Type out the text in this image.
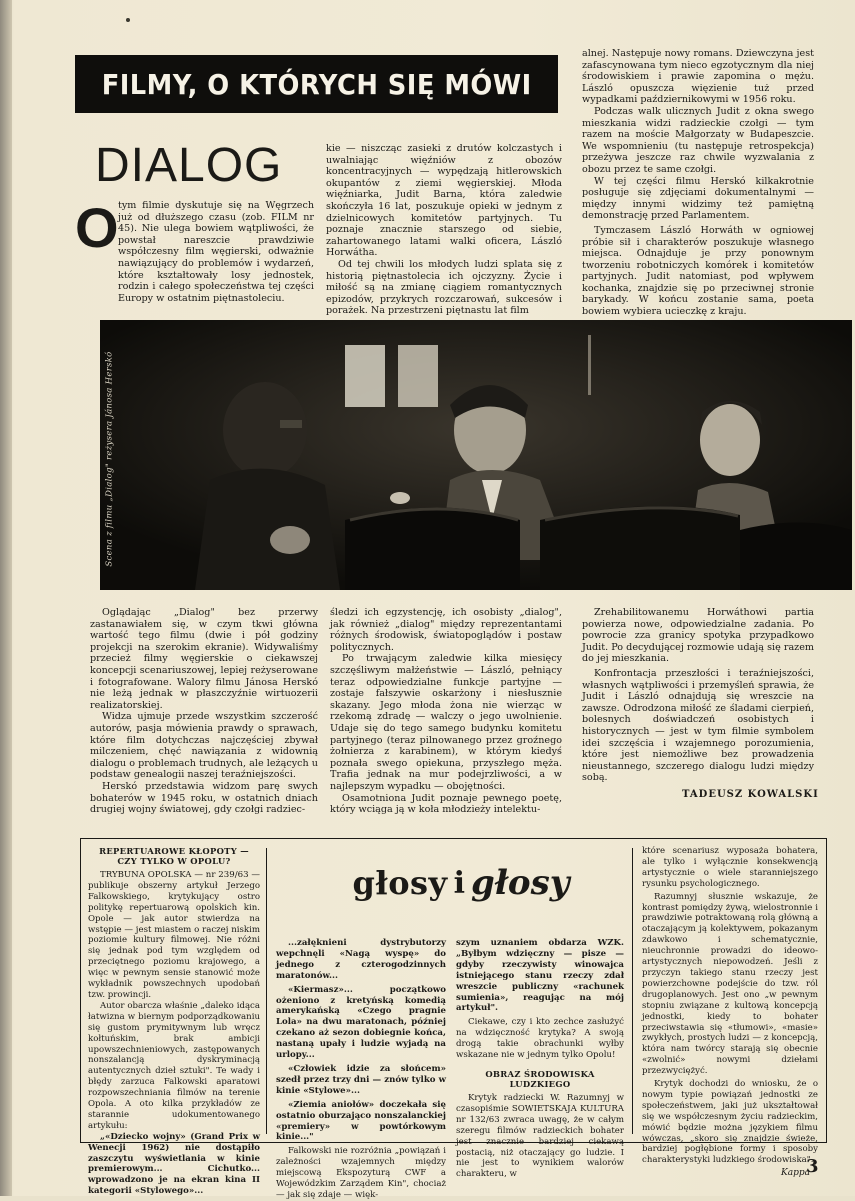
FILMY, O KTÓRYCH SIĘ MÓWI
DIALOG
O tym filmie dyskutuje się na Węgrzech już od dłuższego czasu (zob. FILM nr 45). Nie ulega bowiem wątpliwości, że powstał nareszcie prawdziwie współczesny film węgierski, odważnie nawiązujący do problemów i wydarzeń, które kształtowały losy jednostek, rodzin i całego społeczeństwa tej części Europy w ostatnim piętnastoleciu.

kie — niszcząc zasieki z drutów kolczastych i uwalniając więźniów z obozów koncentracyjnych — wypędzają hitlerowskich okupantów z ziemi węgierskiej. Młoda więźniarka, Judit Barna, która zaledwie skończyła 16 lat, poszukuje opieki w jednym z dzielnicowych komitetów partyjnych. Tu poznaje znacznie starszego od siebie, zahartowanego latami walki oficera, László Horwátha.

Od tej chwili los młodych ludzi splata się z historią piętnastolecia ich ojczyzny. Życie i miłość są na zmianę ciągiem romantycznych epizodów, przykrych rozczarowań, sukcesów i porażek. Na przestrzeni piętnastu lat film

alnej. Następuje nowy romans. Dziewczyna jest zafascynowana tym nieco egzotycznym dla niej środowiskiem i prawie zapomina o mężu. László opuszcza więzienie tuż przed wypadkami październikowymi w 1956 roku.

Podczas walk ulicznych Judit z okna swego mieszkania widzi radzieckie czołgi — tym razem na moście Małgorzaty w Budapeszcie. We wspomnieniu (tu następuje retrospekcja) przeżywa jeszcze raz chwile wyzwalania z obozu przez te same czołgi.

W tej części filmu Herskó kilkakrotnie posługuje się zdjęciami dokumentalnymi — między innymi widzimy też pamiętną demonstrację przed Parlamentem.

Tymczasem László Horwáth w ogniowej próbie sił i charakterów poszukuje własnego miejsca. Odnajduje je przy ponownym tworzeniu robotniczych komórek i komitetów partyjnych. Judit natomiast, pod wpływem kochanka, znajdzie się po przeciwnej stronie barykady. W końcu zostanie sama, poeta bowiem wybiera ucieczkę z kraju.

Scena z filmu „Dialog" reżysera Jánosa Herskó

Oglądając „Dialog" bez przerwy zastanawiałem się, w czym tkwi główna wartość tego filmu (dwie i pół godziny projekcji na szerokim ekranie). Widywaliśmy przecież filmy węgierskie o ciekawszej koncepcji scenariuszowej, lepiej reżyserowane i fotografowane. Walory filmu Jánosa Herskó nie leżą jednak w płaszczyźnie wirtuozerii realizatorskiej.

Widza ujmuje przede wszystkim szczerość autorów, pasja mówienia prawdy o sprawach, które film dotychczas najczęściej zbywał milczeniem, chęć nawiązania z widownią dialogu o problemach trudnych, ale leżących u podstaw genealogii naszej teraźniejszości.

Herskó przedstawia widzom parę swych bohaterów w 1945 roku, w ostatnich dniach drugiej wojny światowej, gdy czołgi radziec-

śledzi ich egzystencję, ich osobisty „dialog", jak również „dialog" między reprezentantami różnych środowisk, światopoglądów i postaw politycznych.

Po trwającym zaledwie kilka miesięcy szczęśliwym małżeństwie — László, pełniący teraz odpowiedzialne funkcje partyjne — zostaje fałszywie oskarżony i niesłusznie skazany. Jego młoda żona nie wierząc w rzekomą zdradę — walczy o jego uwolnienie. Udaje się do tego samego budynku komitetu partyjnego (teraz pilnowanego przez groźnego żołnierza z karabinem), w którym kiedyś poznała swego opiekuna, przyszłego męża. Trafia jednak na mur podejrzliwości, a w najlepszym wypadku — obojętności.

Osamotniona Judit poznaje pewnego poetę, który wciąga ją w koła młodzieży intelektu-

Zrehabilitowanemu Horwáthowi partia powierza nowe, odpowiedzialne zadania. Po powrocie zza granicy spotyka przypadkowo Judit. Po decydującej rozmowie udają się razem do jej mieszkania.

Konfrontacja przeszłości i teraźniejszości, własnych wątpliwości i przemyśleń sprawia, że Judit i László odnajdują się wreszcie na zawsze. Odrodzona miłość ze śladami cierpień, bolesnych doświadczeń osobistych i historycznych — jest w tym filmie symbolem idei szczęścia i wzajemnego porozumienia, które jest niemożliwe bez prowadzenia nieustannego, szczerego dialogu ludzi między sobą.

TADEUSZ KOWALSKI
głosy i głosy
REPERTUAROWE KŁOPOTY — CZY TYLKO W OPOLU?

TRYBUNA OPOLSKA — nr 239/63 — publikuje obszerny artykuł Jerzego Falkowskiego, krytykujący ostro politykę repertuarową opolskich kin. Opole — jak autor stwierdza na wstępie — jest miastem o raczej niskim poziomie kultury filmowej. Nie różni się jednak pod tym względem od przeciętnego poziomu krajowego, a więc w pewnym sensie stanowić może wykładnik powszechnych upodobań tzw. prowincji.

Autor obarcza właśnie „daleko idąca łatwizna w biernym podporządkowaniu się gustom prymitywnym lub wręcz kołtuńskim, brak ambicji upowszechnieniowych, zastępowanych nonszalancją dyskryminacją autentycznych dzieł sztuki". Te wady i błędy zarzuca Falkowski aparatowi rozpowszechniania filmów na terenie Opola. A oto kilka przykładów ze starannie udokumentowanego artykułu:

„«Dziecko wojny» (Grand Prix w Wenecji 1962) nie dostąpiło zaszczytu wyświetlania w kinie premierowym... Cichutko... wprowadzono je na ekran kina II kategorii «Stylowego»...

...załęknieni dystrybutorzy wepchnęli «Nagą wyspę» do jednego z czterogodzinnych maratonów...

«Kiermasz»... początkowo ożeniono z kretyńską komedią amerykańską «Czego pragnie Lola» na dwu maratonach, później czekano aż sezon dobiegnie końca, nastaną upały i ludzie wyjadą na urlopy...

«Człowiek idzie za słońcem» szedł przez trzy dni — znów tylko w kinie «Stylowe»...

«Ziemia aniołów» doczekała się ostatnio oburzająco nonszalanckiej «premiery» w powtórkowym kinie..."

Falkowski nie rozróżnia „powiązań i zależności wzajemnych między miejscową Ekspozyturą CWF a Wojewódzkim Zarządem Kin", chociaż — jak się zdaje — więk-

szym uznaniem obdarza WZK. „Byłbym wdzięczny — pisze — gdyby rzeczywisty winowajca istniejącego stanu rzeczy zdał wreszcie publiczny «rachunek sumienia», reagując na mój artykuł".

Ciekawe, czy i kto zechce zasłużyć na wdzięczność krytyka? A swoją drogą takie obrachunki wyłby wskazane nie w jednym tylko Opolu!

OBRAZ ŚRODOWISKA LUDZKIEGO

Krytyk radziecki W. Razumnyj w czasopiśmie SOWIETSKAJA KULTURA nr 132/63 zwraca uwagę, że w całym szeregu filmów radzieckich bohater jest znacznie bardziej ciekawą postacią, niż otaczający go ludzie. I nie jest to wynikiem walorów charakteru, w

które scenariusz wyposaża bohatera, ale tylko i wyłącznie konsekwencją artystycznie o wiele staranniejszego rysunku psychologicznego.

Razumnyj słusznie wskazuje, że kontrast pomiędzy żywą, wielostronnie i prawdziwie potraktowaną rolą główną a otaczającym ją kolektywem, pokazanym zdawkowo i schematycznie, nieuchronnie prowadzi do ideowo-artystycznych niepowodzeń. Jeśli z przyczyn takiego stanu rzeczy jest powierzchowne podejście do tzw. ról drugoplanowych. Jest ono „w pewnym stopniu związane z kultową koncepcją jednostki, kiedy to bohater przeciwstawia się «tłumowi», «masie» zwykłych, prostych ludzi — z koncepcją, która nam twórcy starają się obecnie «zwolnić» nowymi dziełami przezwyciężyć.

Krytyk dochodzi do wniosku, że o nowym typie powiązań jednostki ze społeczeństwem, jaki już ukształtował się we współczesnym życiu radzieckim, mówić będzie można językiem filmu wówczas, „skoro się znajdzie świeże, bardziej pogłębione formy i sposoby charakterystyki ludzkiego środowiska".

Kappa
3
